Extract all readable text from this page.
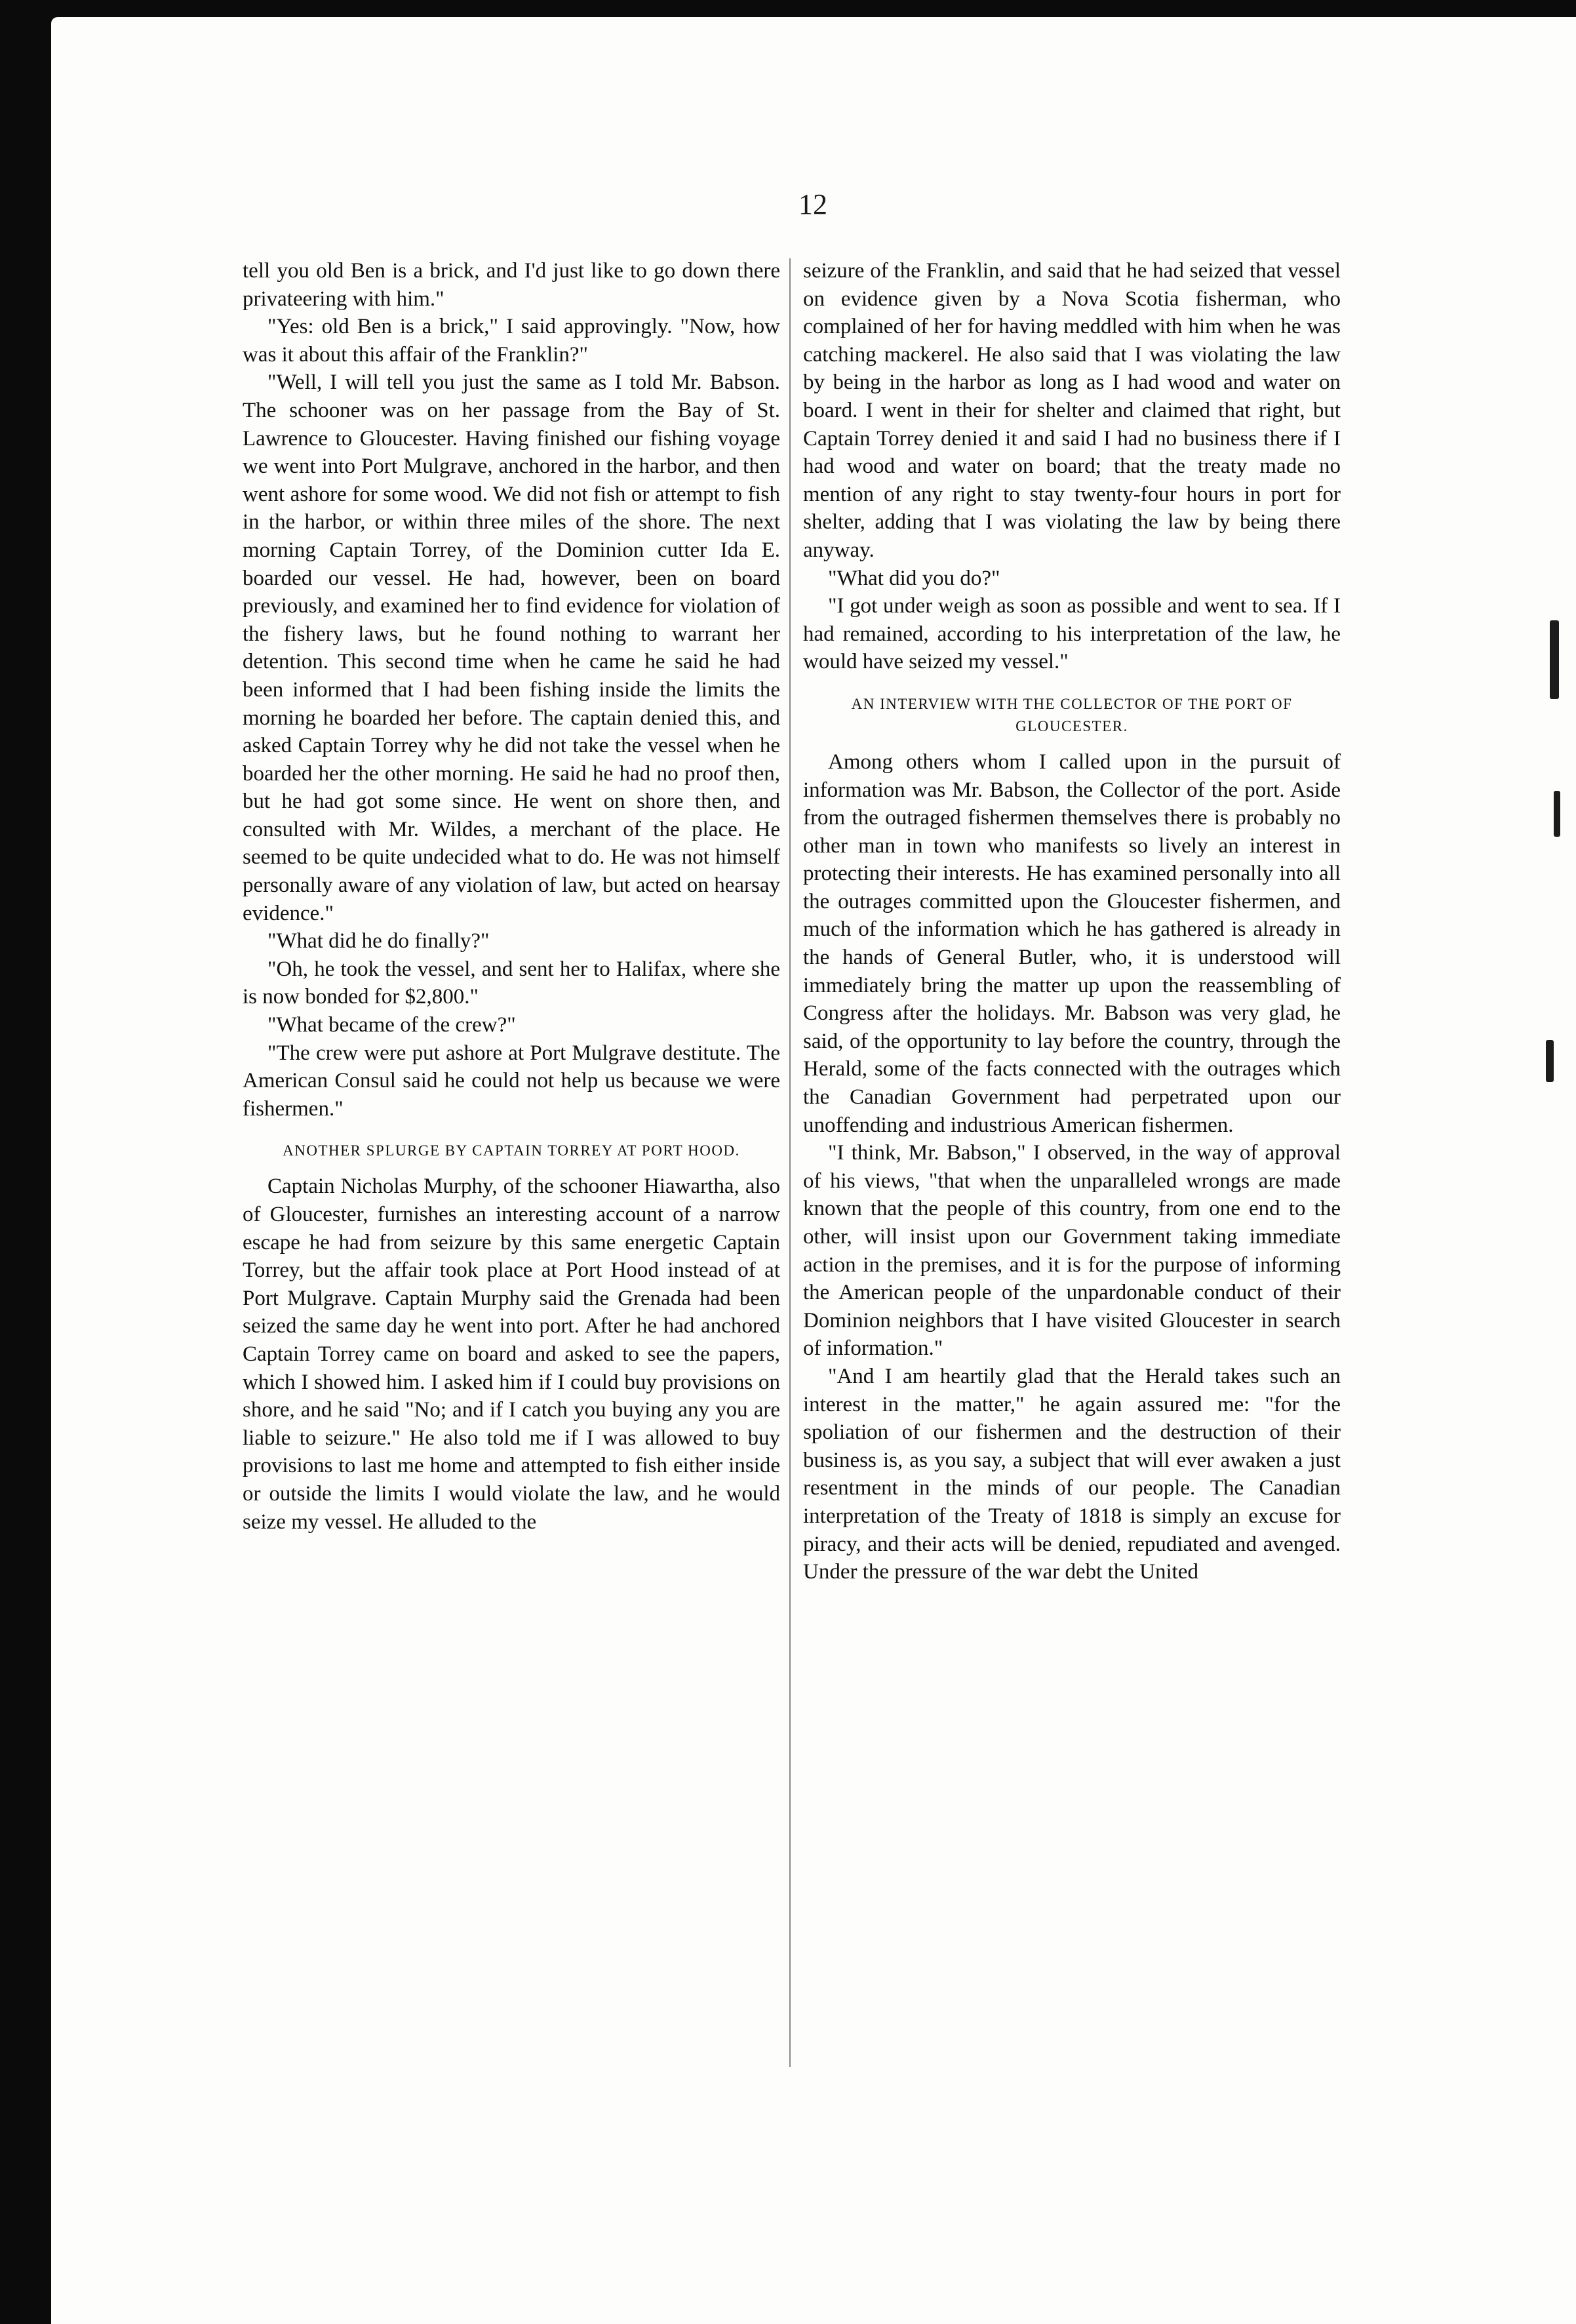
12

tell you old Ben is a brick, and I'd just like to go down there privateering with him."

"Yes: old Ben is a brick," I said approvingly. "Now, how was it about this affair of the Franklin?"

"Well, I will tell you just the same as I told Mr. Babson. The schooner was on her passage from the Bay of St. Lawrence to Gloucester. Having finished our fishing voyage we went into Port Mulgrave, anchored in the harbor, and then went ashore for some wood. We did not fish or attempt to fish in the harbor, or within three miles of the shore. The next morning Captain Torrey, of the Dominion cutter Ida E. boarded our vessel. He had, however, been on board previously, and examined her to find evidence for violation of the fishery laws, but he found nothing to warrant her detention. This second time when he came he said he had been informed that I had been fishing inside the limits the morning he boarded her before. The captain denied this, and asked Captain Torrey why he did not take the vessel when he boarded her the other morning. He said he had no proof then, but he had got some since. He went on shore then, and consulted with Mr. Wildes, a merchant of the place. He seemed to be quite undecided what to do. He was not himself personally aware of any violation of law, but acted on hearsay evidence."

"What did he do finally?"

"Oh, he took the vessel, and sent her to Halifax, where she is now bonded for $2,800."

"What became of the crew?"

"The crew were put ashore at Port Mulgrave destitute. The American Consul said he could not help us because we were fishermen."

ANOTHER SPLURGE BY CAPTAIN TORREY AT PORT HOOD.

Captain Nicholas Murphy, of the schooner Hiawartha, also of Gloucester, furnishes an interesting account of a narrow escape he had from seizure by this same energetic Captain Torrey, but the affair took place at Port Hood instead of at Port Mulgrave. Captain Murphy said the Grenada had been seized the same day he went into port. After he had anchored Captain Torrey came on board and asked to see the papers, which I showed him. I asked him if I could buy provisions on shore, and he said "No; and if I catch you buying any you are liable to seizure." He also told me if I was allowed to buy provisions to last me home and attempted to fish either inside or outside the limits I would violate the law, and he would seize my vessel. He alluded to the

seizure of the Franklin, and said that he had seized that vessel on evidence given by a Nova Scotia fisherman, who complained of her for having meddled with him when he was catching mackerel. He also said that I was violating the law by being in the harbor as long as I had wood and water on board. I went in their for shelter and claimed that right, but Captain Torrey denied it and said I had no business there if I had wood and water on board; that the treaty made no mention of any right to stay twenty-four hours in port for shelter, adding that I was violating the law by being there anyway.

"What did you do?"

"I got under weigh as soon as possible and went to sea. If I had remained, according to his interpretation of the law, he would have seized my vessel."

AN INTERVIEW WITH THE COLLECTOR OF THE PORT OF GLOUCESTER.

Among others whom I called upon in the pursuit of information was Mr. Babson, the Collector of the port. Aside from the outraged fishermen themselves there is probably no other man in town who manifests so lively an interest in protecting their interests. He has examined personally into all the outrages committed upon the Gloucester fishermen, and much of the information which he has gathered is already in the hands of General Butler, who, it is understood will immediately bring the matter up upon the reassembling of Congress after the holidays. Mr. Babson was very glad, he said, of the opportunity to lay before the country, through the Herald, some of the facts connected with the outrages which the Canadian Government had perpetrated upon our unoffending and industrious American fishermen.

"I think, Mr. Babson," I observed, in the way of approval of his views, "that when the unparalleled wrongs are made known that the people of this country, from one end to the other, will insist upon our Government taking immediate action in the premises, and it is for the purpose of informing the American people of the unpardonable conduct of their Dominion neighbors that I have visited Gloucester in search of information."

"And I am heartily glad that the Herald takes such an interest in the matter," he again assured me: "for the spoliation of our fishermen and the destruction of their business is, as you say, a subject that will ever awaken a just resentment in the minds of our people. The Canadian interpretation of the Treaty of 1818 is simply an excuse for piracy, and their acts will be denied, repudiated and avenged. Under the pressure of the war debt the United
